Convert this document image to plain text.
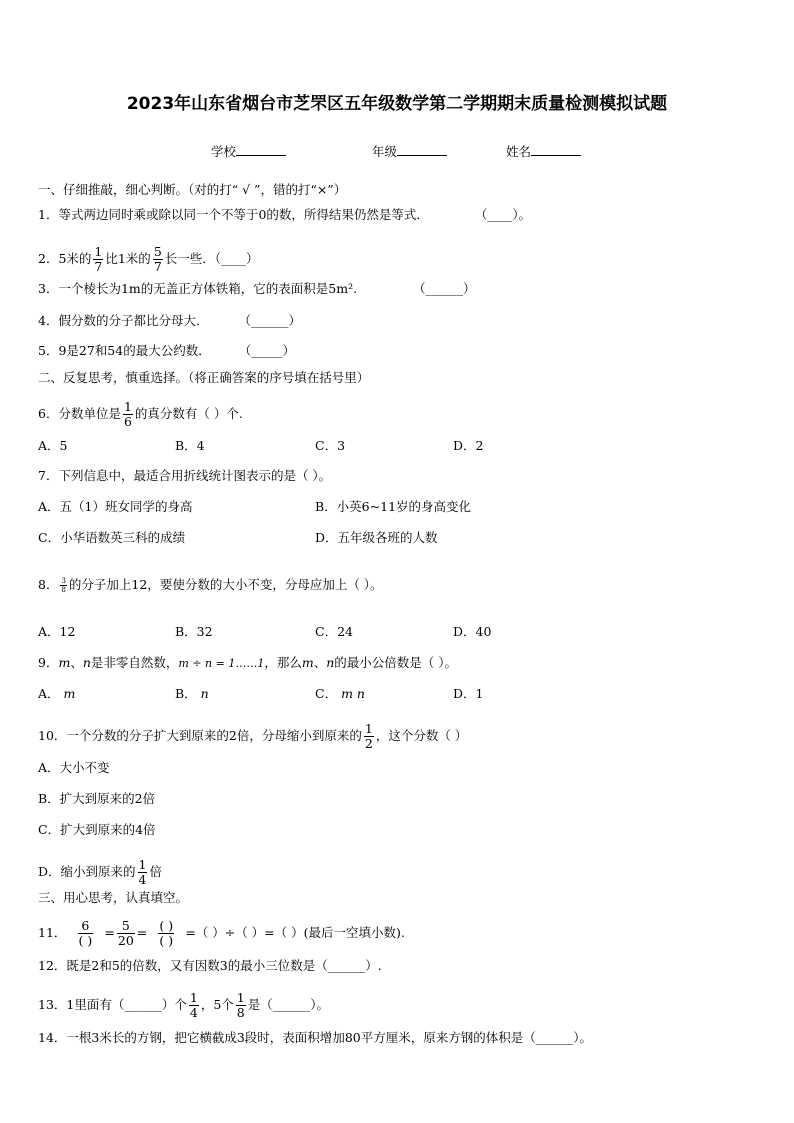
2023年山东省烟台市芝罘区五年级数学第二学期期末质量检测模拟试题
学校	年级	姓名
一、仔细推敲，细心判断。（对的打“ √ ”，错的打“×”）
1．等式两边同时乘或除以同一个不等于0的数，所得结果仍然是等式．	（____）。
2．5米的 $\frac{1}{7}$ 比1米的 $\frac{5}{7}$ 长一些．（____）
3．一个棱长为1m的无盖正方体铁箱，它的表面积是5m².	（______）
4．假分数的分子都比分母大． （______）
5．9是27和54的最大公约数． （_____）
二、反复思考，慎重选择。（将正确答案的序号填在括号里）
6．分数单位是 $\frac{1}{6}$ 的真分数有（ ）个.
A．5	B．4	C．3	D．2
7．下列信息中，最适合用折线统计图表示的是（ ）。
A．五（1）班女同学的身高	B．小英6~11岁的身高变化
C．小华语数英三科的成绩	D．五年级各班的人数
8． $\frac{3}{8}$ 的分子加上12，要使分数的大小不变，分母应加上（ ）。
A．12	B．32	C．24	D．40
9．m、n是非零自然数，m ÷ n = 1……1，那么m、n的最小公倍数是（ ）。
A． m	B． n	C． m n	D．1
10．一个分数的分子扩大到原来的2倍，分母缩小到原来的 $\frac{1}{2}$ ，这个分数（ ）
A．大小不变
B．扩大到原来的2倍
C．扩大到原来的4倍
D．缩小到原来的 $\frac{1}{4}$ 倍
三、用心思考，认真填空。
11． $\frac{6}{( )} = \frac{5}{20} = \frac{( )}{( )}$ =（ ）÷（ ）=（ ）(最后一空填小数).
12．既是2和5的倍数，又有因数3的最小三位数是（______）.
13．1里面有（______）个 $\frac{1}{4}$ ，5个 $\frac{1}{8}$ 是（______）。
14．一根3米长的方钢，把它横截成3段时，表面积增加80平方厘米，原来方钢的体积是（______）。
